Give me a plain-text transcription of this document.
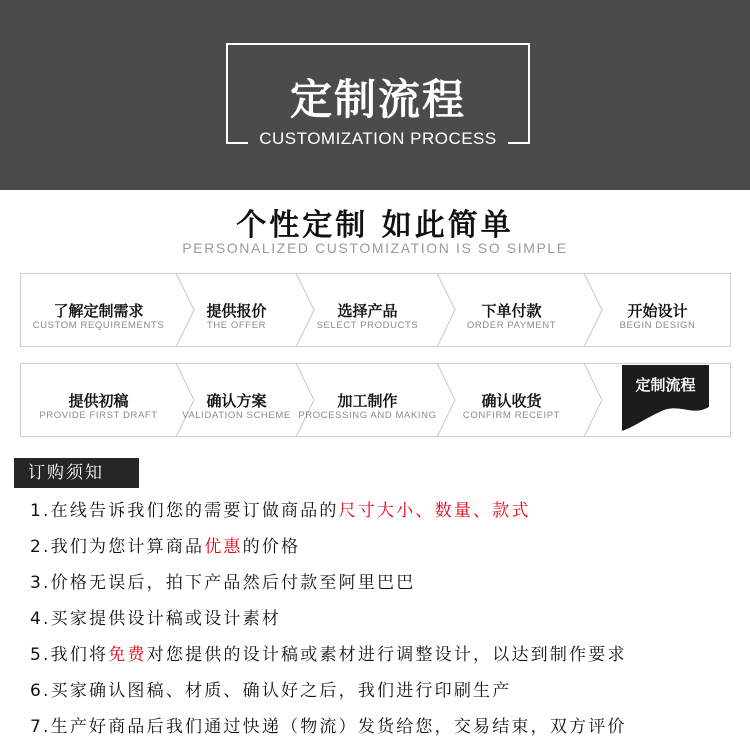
定制流程
CUSTOMIZATION PROCESS
个性定制 如此简单
PERSONALIZED CUSTOMIZATION IS SO SIMPLE
了解定制需求
CUSTOM REQUIREMENTS
提供报价
THE OFFER
选择产品
SELECT PRODUCTS
下单付款
ORDER PAYMENT
开始设计
BEGIN DESIGN
提供初稿
PROVIDE FIRST DRAFT
确认方案
VALIDATION SCHEME
加工制作
PROCESSING AND MAKING
确认收货
CONFIRM RECEIPT
定制流程
订购须知
1.在线告诉我们您的需要订做商品的尺寸大小、数量、款式
2.我们为您计算商品优惠的价格
3.价格无误后，拍下产品然后付款至阿里巴巴
4.买家提供设计稿或设计素材
5.我们将免费对您提供的设计稿或素材进行调整设计，以达到制作要求
6.买家确认图稿、材质、确认好之后，我们进行印刷生产
7.生产好商品后我们通过快递（物流）发货给您，交易结束，双方评价
